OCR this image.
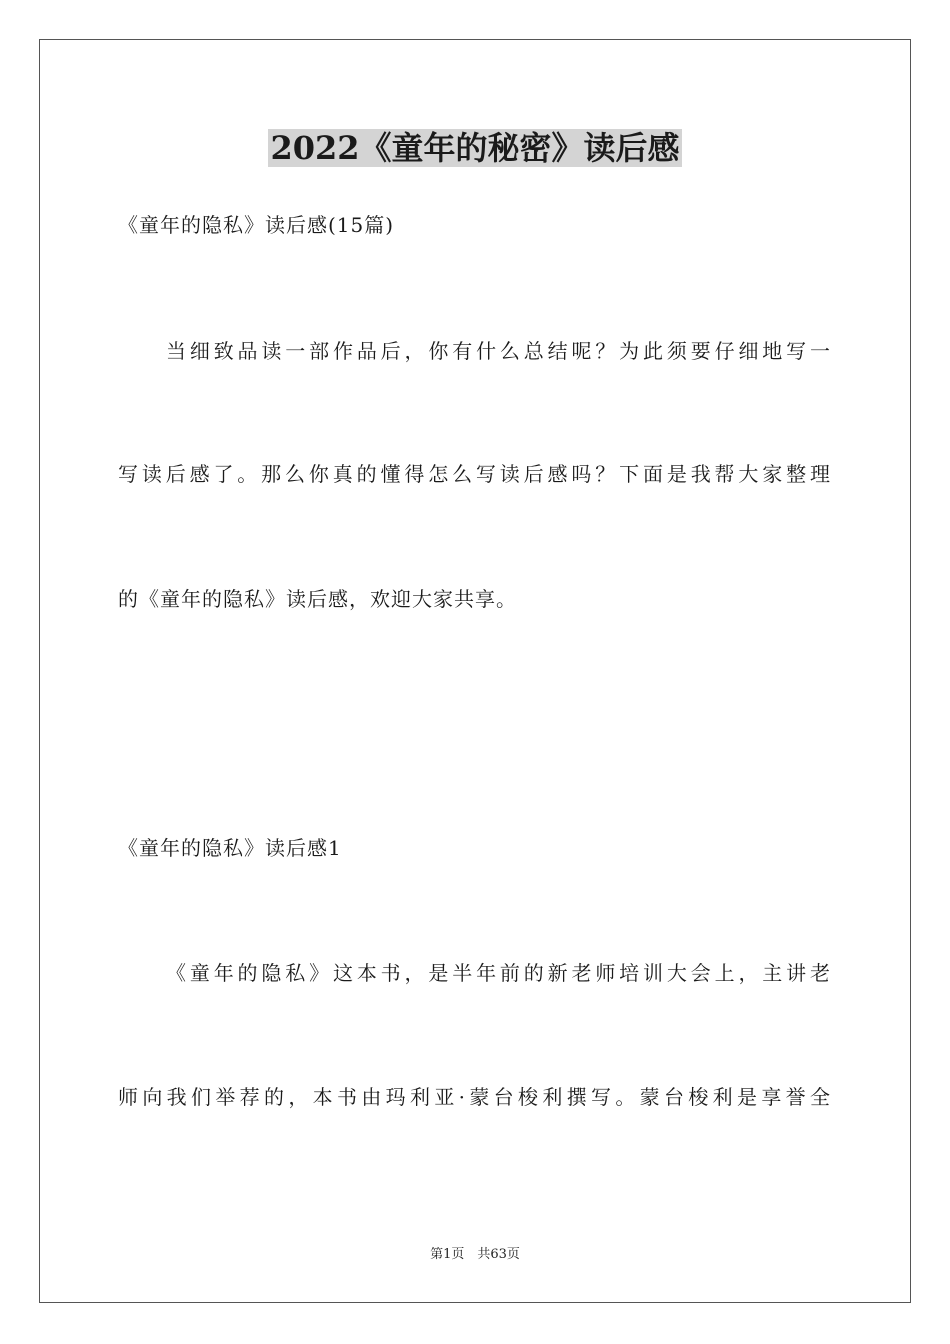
2022《童年的秘密》读后感
《童年的隐私》读后感(15篇)
当细致品读一部作品后，你有什么总结呢？为此须要仔细地写一
写读后感了。那么你真的懂得怎么写读后感吗？下面是我帮大家整理
的《童年的隐私》读后感，欢迎大家共享。
《童年的隐私》读后感1
《童年的隐私》这本书，是半年前的新老师培训大会上，主讲老
师向我们举荐的，本书由玛利亚·蒙台梭利撰写。蒙台梭利是享誉全
第1页　共63页
